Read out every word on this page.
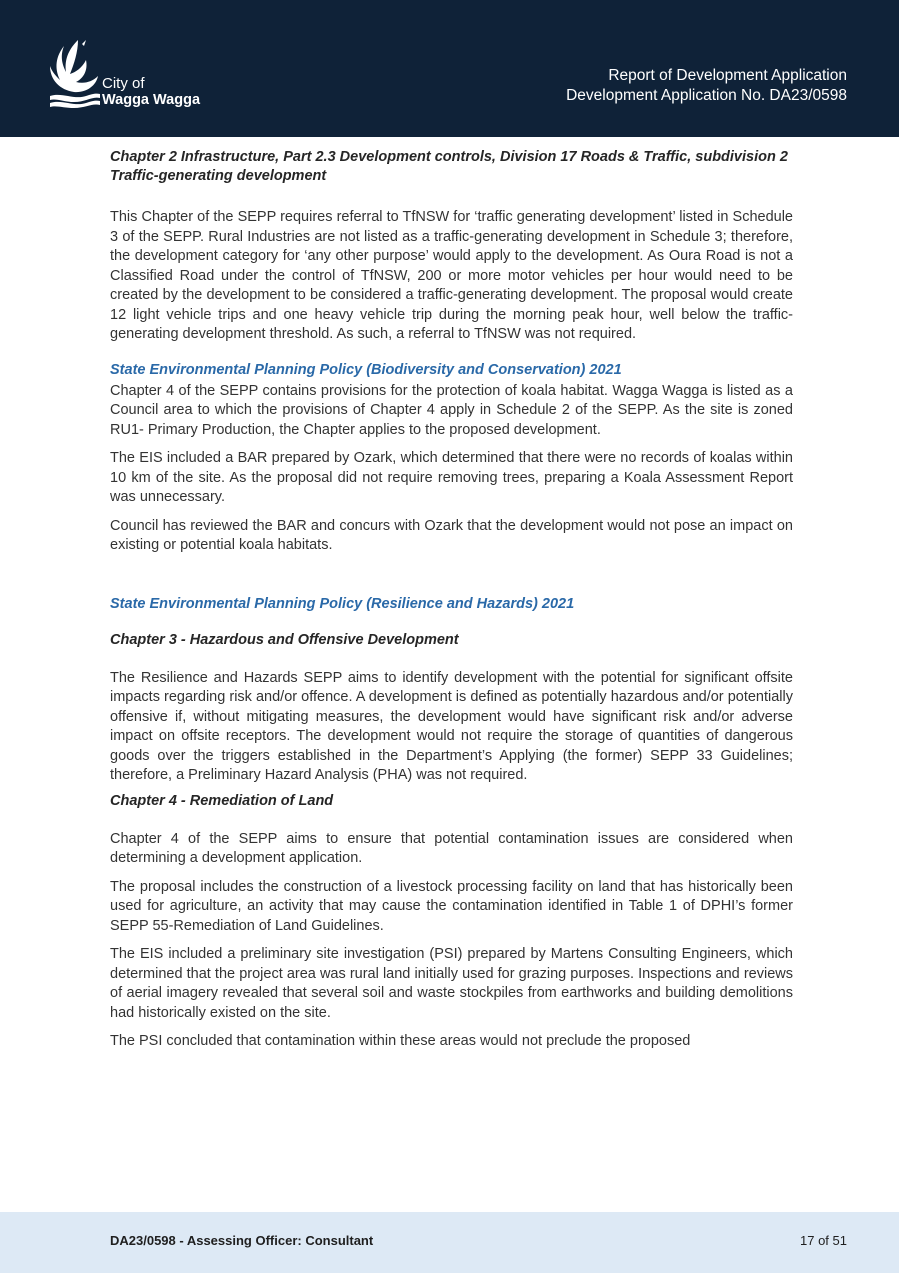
City of
Wagga Wagga
Report of Development Application
Development Application No. DA23/0598
Chapter 2 Infrastructure, Part 2.3 Development controls, Division 17 Roads & Traffic, subdivision 2 Traffic-generating development

This Chapter of the SEPP requires referral to TfNSW for ‘traffic generating development’ listed in Schedule 3 of the SEPP. Rural Industries are not listed as a traffic-generating development in Schedule 3; therefore, the development category for ‘any other purpose’ would apply to the development. As Oura Road is not a Classified Road under the control of TfNSW, 200 or more motor vehicles per hour would need to be created by the development to be considered a traffic-generating development. The proposal would create 12 light vehicle trips and one heavy vehicle trip during the morning peak hour, well below the traffic-generating development threshold. As such, a referral to TfNSW was not required.

State Environmental Planning Policy (Biodiversity and Conservation) 2021

Chapter 4 of the SEPP contains provisions for the protection of koala habitat. Wagga Wagga is listed as a Council area to which the provisions of Chapter 4 apply in Schedule 2 of the SEPP. As the site is zoned RU1- Primary Production, the Chapter applies to the proposed development.

The EIS included a BAR prepared by Ozark, which determined that there were no records of koalas within 10 km of the site. As the proposal did not require removing trees, preparing a Koala Assessment Report was unnecessary.

Council has reviewed the BAR and concurs with Ozark that the development would not pose an impact on existing or potential koala habitats.

State Environmental Planning Policy (Resilience and Hazards) 2021
Chapter 3 - Hazardous and Offensive Development

The Resilience and Hazards SEPP aims to identify development with the potential for significant offsite impacts regarding risk and/or offence. A development is defined as potentially hazardous and/or potentially offensive if, without mitigating measures, the development would have significant risk and/or adverse impact on offsite receptors. The development would not require the storage of quantities of dangerous goods over the triggers established in the Department’s Applying (the former) SEPP 33 Guidelines; therefore, a Preliminary Hazard Analysis (PHA) was not required.

Chapter 4 - Remediation of Land

Chapter 4 of the SEPP aims to ensure that potential contamination issues are considered when determining a development application.

The proposal includes the construction of a livestock processing facility on land that has historically been used for agriculture, an activity that may cause the contamination identified in Table 1 of DPHI’s former SEPP 55-Remediation of Land Guidelines.

The EIS included a preliminary site investigation (PSI) prepared by Martens Consulting Engineers, which determined that the project area was rural land initially used for grazing purposes. Inspections and reviews of aerial imagery revealed that several soil and waste stockpiles from earthworks and building demolitions had historically existed on the site.

The PSI concluded that contamination within these areas would not preclude the proposed

DA23/0598 - Assessing Officer: Consultant	17 of 51
